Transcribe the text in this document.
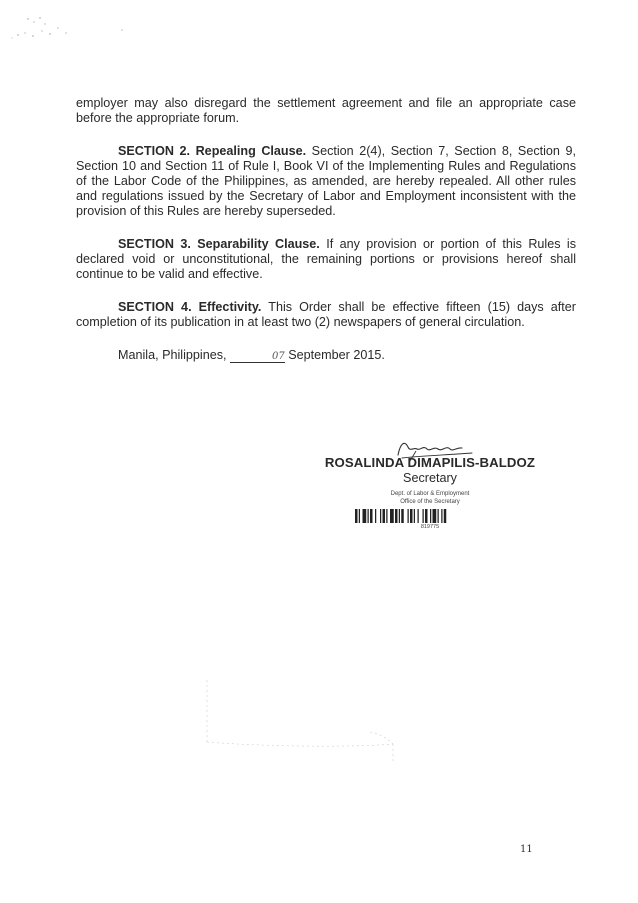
employer may also disregard the settlement agreement and file an appropriate case before the appropriate forum.

SECTION 2. Repealing Clause. Section 2(4), Section 7, Section 8, Section 9, Section 10 and Section 11 of Rule I, Book VI of the Implementing Rules and Regulations of the Labor Code of the Philippines, as amended, are hereby repealed. All other rules and regulations issued by the Secretary of Labor and Employment inconsistent with the provision of this Rules are hereby superseded.

SECTION 3. Separability Clause. If any provision or portion of this Rules is declared void or unconstitutional, the remaining portions or provisions hereof shall continue to be valid and effective.

SECTION 4. Effectivity. This Order shall be effective fifteen (15) days after completion of its publication in at least two (2) newspapers of general circulation.

Manila, Philippines,	07 September 2015.

ROSALINDA DIMAPILIS-BALDOZ
Secretary
Dept. of Labor & Employment
Office of the Secretary
819775
11
